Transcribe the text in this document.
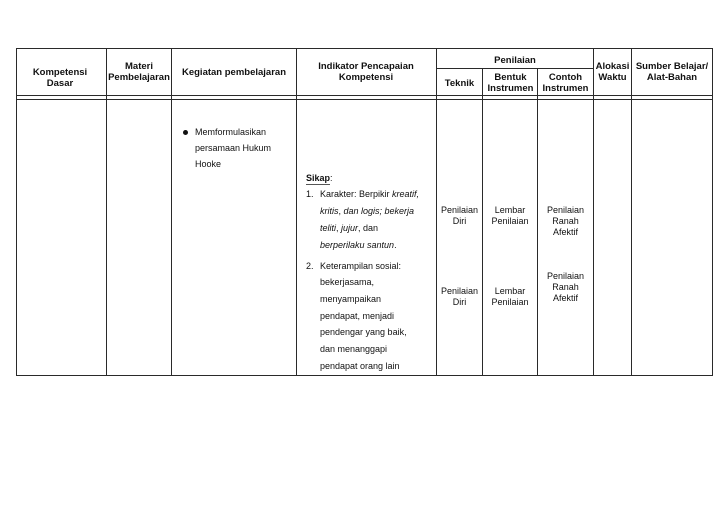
Kompetensi Dasar
Materi Pembelajaran	Kegiatan pembelajaran
Indikator Pencapaian Kompetensi
Penilaian
Teknik
Bentuk Instrumen
Contoh Instrumen
Alokasi Waktu
Sumber Belajar/ Alat-Bahan
Memformulasikan
persamaan Hukum
Hooke
Sikap:
1. Karakter: Berpikir kreatif,
kritis, dan logis; bekerja
teliti, jujur, dan
berperilaku santun.
2. Keterampilan sosial:
bekerjasama,
menyampaikan
pendapat, menjadi
pendengar yang baik,
dan menanggapi
pendapat orang lain
Penilaian
Diri
Lembar
Penilaian
Penilaian
Ranah
Afektif
Penilaian
Diri
Lembar
Penilaian
Penilaian
Ranah
Afektif
